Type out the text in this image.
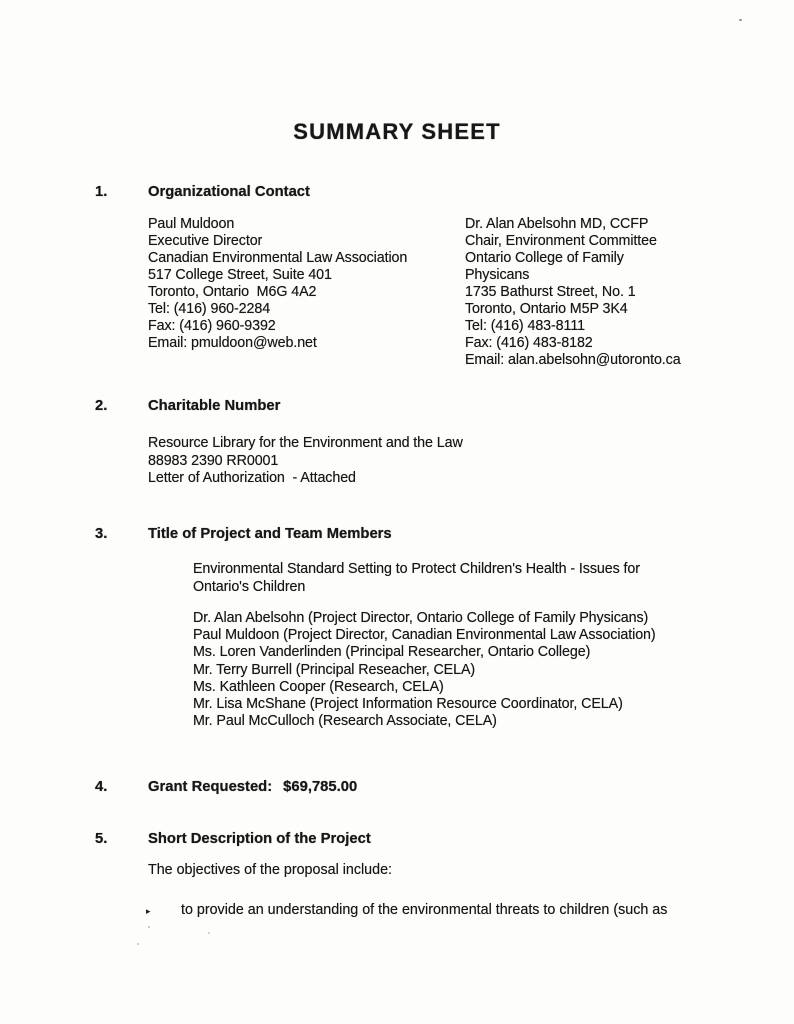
SUMMARY SHEET
1.	Organizational Contact
Paul Muldoon
Executive Director
Canadian Environmental Law Association
517 College Street, Suite 401
Toronto, Ontario  M6G 4A2
Tel: (416) 960-2284
Fax: (416) 960-9392
Email: pmuldoon@web.net
Dr. Alan Abelsohn MD, CCFP
Chair, Environment Committee
Ontario College of Family
Physicans
1735 Bathurst Street, No. 1
Toronto, Ontario M5P 3K4
Tel: (416) 483-8111
Fax: (416) 483-8182
Email: alan.abelsohn@utoronto.ca
2.	Charitable Number
Resource Library for the Environment and the Law
88983 2390 RR0001
Letter of Authorization  - Attached
3.	Title of Project and Team Members
Environmental Standard Setting to Protect Children's Health - Issues for
Ontario's Children
Dr. Alan Abelsohn (Project Director, Ontario College of Family Physicans)
Paul Muldoon (Project Director, Canadian Environmental Law Association)
Ms. Loren Vanderlinden (Principal Researcher, Ontario College)
Mr. Terry Burrell (Principal Reseacher, CELA)
Ms. Kathleen Cooper (Research, CELA)
Mr. Lisa McShane (Project Information Resource Coordinator, CELA)
Mr. Paul McCulloch (Research Associate, CELA)
4.	Grant Requested: $69,785.00
5.	Short Description of the Project
The objectives of the proposal include:
▸ to provide an understanding of the environmental threats to children (such as
